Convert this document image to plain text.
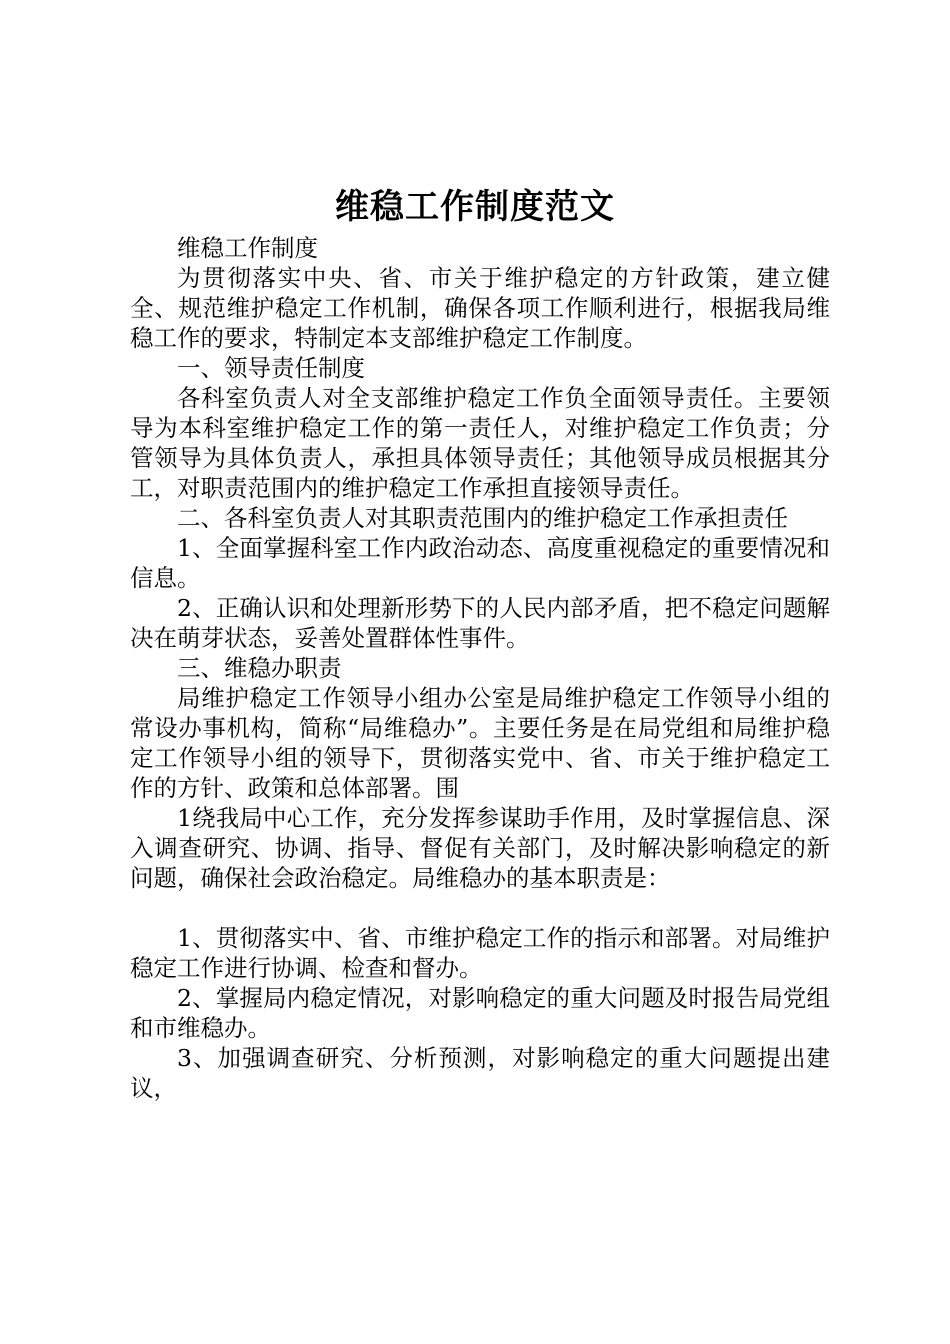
维稳工作制度范文

维稳工作制度

为贯彻落实中央、省、市关于维护稳定的方针政策，建立健全、规范维护稳定工作机制，确保各项工作顺利进行，根据我局维稳工作的要求，特制定本支部维护稳定工作制度。

一、领导责任制度

各科室负责人对全支部维护稳定工作负全面领导责任。主要领导为本科室维护稳定工作的第一责任人，对维护稳定工作负责；分管领导为具体负责人，承担具体领导责任；其他领导成员根据其分工，对职责范围内的维护稳定工作承担直接领导责任。

二、各科室负责人对其职责范围内的维护稳定工作承担责任

1、全面掌握科室工作内政治动态、高度重视稳定的重要情况和信息。

2、正确认识和处理新形势下的人民内部矛盾，把不稳定问题解决在萌芽状态，妥善处置群体性事件。

三、维稳办职责

局维护稳定工作领导小组办公室是局维护稳定工作领导小组的常设办事机构，简称“局维稳办”。主要任务是在局党组和局维护稳定工作领导小组的领导下，贯彻落实党中、省、市关于维护稳定工作的方针、政策和总体部署。围

1绕我局中心工作，充分发挥参谋助手作用，及时掌握信息、深入调查研究、协调、指导、督促有关部门，及时解决影响稳定的新问题，确保社会政治稳定。局维稳办的基本职责是：

1、贯彻落实中、省、市维护稳定工作的指示和部署。对局维护稳定工作进行协调、检查和督办。

2、掌握局内稳定情况，对影响稳定的重大问题及时报告局党组和市维稳办。

3、加强调查研究、分析预测，对影响稳定的重大问题提出建议，
